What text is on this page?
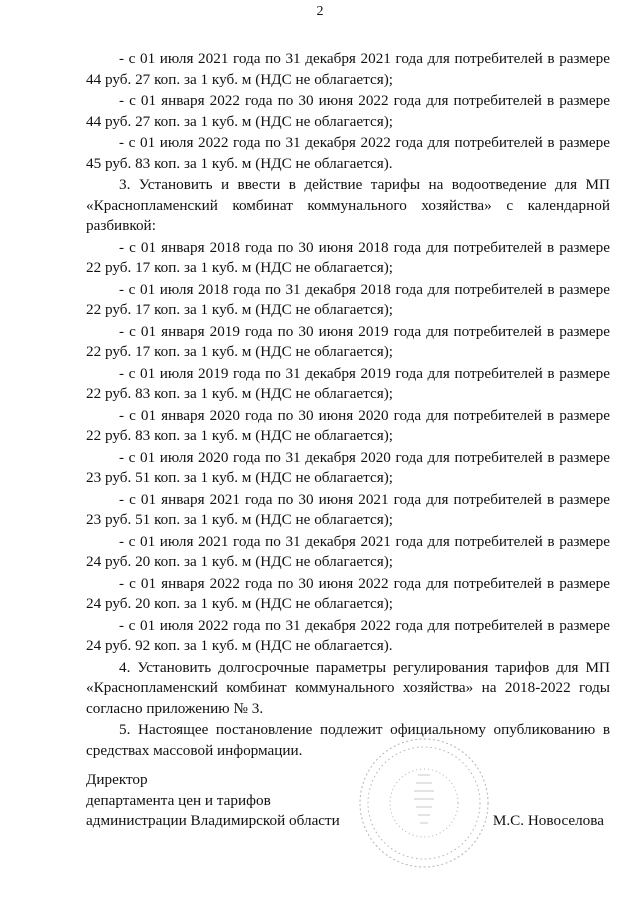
2

- с 01 июля 2021 года по 31 декабря 2021 года для потребителей в размере 44 руб. 27 коп. за 1 куб. м (НДС не облагается);

- с 01 января 2022 года по 30 июня 2022 года для потребителей в размере 44 руб. 27 коп. за 1 куб. м (НДС не облагается);

- с 01 июля 2022 года по 31 декабря 2022 года для потребителей в размере 45 руб. 83 коп. за 1 куб. м (НДС не облагается).

3. Установить и ввести в действие тарифы на водоотведение для МП «Краснопламенский комбинат коммунального хозяйства» с календарной разбивкой:

- с 01 января 2018 года по 30 июня 2018 года для потребителей в размере 22 руб. 17 коп. за 1 куб. м (НДС не облагается);

- с 01 июля 2018 года по 31 декабря 2018 года для потребителей в размере 22 руб. 17 коп. за 1 куб. м (НДС не облагается);

- с 01 января 2019 года по 30 июня 2019 года для потребителей в размере 22 руб. 17 коп. за 1 куб. м (НДС не облагается);

- с 01 июля 2019 года по 31 декабря 2019 года для потребителей в размере 22 руб. 83 коп. за 1 куб. м (НДС не облагается);

- с 01 января 2020 года по 30 июня 2020 года для потребителей в размере 22 руб. 83 коп. за 1 куб. м (НДС не облагается);

- с 01 июля 2020 года по 31 декабря 2020 года для потребителей в размере 23 руб. 51 коп. за 1 куб. м (НДС не облагается);

- с 01 января 2021 года по 30 июня 2021 года для потребителей в размере 23 руб. 51 коп. за 1 куб. м (НДС не облагается);

- с 01 июля 2021 года по 31 декабря 2021 года для потребителей в размере 24 руб. 20 коп. за 1 куб. м (НДС не облагается);

- с 01 января 2022 года по 30 июня 2022 года для потребителей в размере 24 руб. 20 коп. за 1 куб. м (НДС не облагается);

- с 01 июля 2022 года по 31 декабря 2022 года для потребителей в размере 24 руб. 92 коп. за 1 куб. м (НДС не облагается).

4. Установить долгосрочные параметры регулирования тарифов для МП «Краснопламенский комбинат коммунального хозяйства» на 2018-2022 годы согласно приложению № 3.

5. Настоящее постановление подлежит официальному опубликованию в средствах массовой информации.

Директор
департамента цен и тарифов
администрации Владимирской области	М.С. Новоселова
